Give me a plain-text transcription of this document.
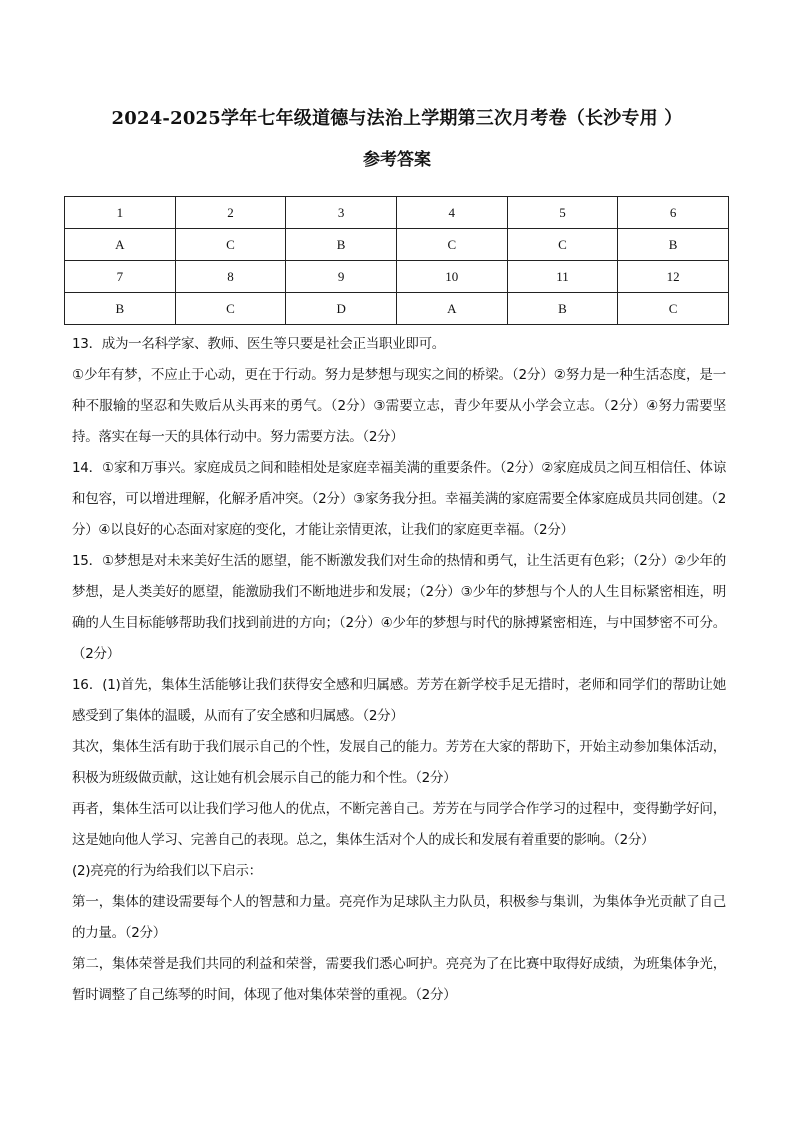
2024-2025学年七年级道德与法治上学期第三次月考卷（长沙专用 ）
参考答案
1	2	3	4	5	6
A	C	B	C	C	B
7	8	9	10	11	12
B	C	D	A	B	C

13．成为一名科学家、教师、医生等只要是社会正当职业即可。

①少年有梦，不应止于心动，更在于行动。努力是梦想与现实之间的桥梁。（2分）②努力是一种生活态度，是一种不服输的坚忍和失败后从头再来的勇气。（2分）③需要立志，青少年要从小学会立志。（2分）④努力需要坚持。落实在每一天的具体行动中。努力需要方法。（2分）

14．①家和万事兴。家庭成员之间和睦相处是家庭幸福美满的重要条件。（2分）②家庭成员之间互相信任、体谅和包容，可以增进理解，化解矛盾冲突。（2分）③家务我分担。幸福美满的家庭需要全体家庭成员共同创建。（2分）④以良好的心态面对家庭的变化，才能让亲情更浓，让我们的家庭更幸福。（2分）

15．①梦想是对未来美好生活的愿望，能不断激发我们对生命的热情和勇气，让生活更有色彩；（2分）②少年的梦想，是人类美好的愿望，能激励我们不断地进步和发展；（2分）③少年的梦想与个人的人生目标紧密相连，明确的人生目标能够帮助我们找到前进的方向；（2分）④少年的梦想与时代的脉搏紧密相连，与中国梦密不可分。（2分）

16．(1)首先，集体生活能够让我们获得安全感和归属感。芳芳在新学校手足无措时，老师和同学们的帮助让她感受到了集体的温暖，从而有了安全感和归属感。（2分）

其次，集体生活有助于我们展示自己的个性，发展自己的能力。芳芳在大家的帮助下，开始主动参加集体活动，积极为班级做贡献，这让她有机会展示自己的能力和个性。（2分）

再者，集体生活可以让我们学习他人的优点，不断完善自己。芳芳在与同学合作学习的过程中，变得勤学好问，这是她向他人学习、完善自己的表现。总之，集体生活对个人的成长和发展有着重要的影响。（2分）

(2)亮亮的行为给我们以下启示：

第一，集体的建设需要每个人的智慧和力量。亮亮作为足球队主力队员，积极参与集训，为集体争光贡献了自己的力量。（2分）

第二，集体荣誉是我们共同的利益和荣誉，需要我们悉心呵护。亮亮为了在比赛中取得好成绩，为班集体争光，暂时调整了自己练琴的时间，体现了他对集体荣誉的重视。（2分）
